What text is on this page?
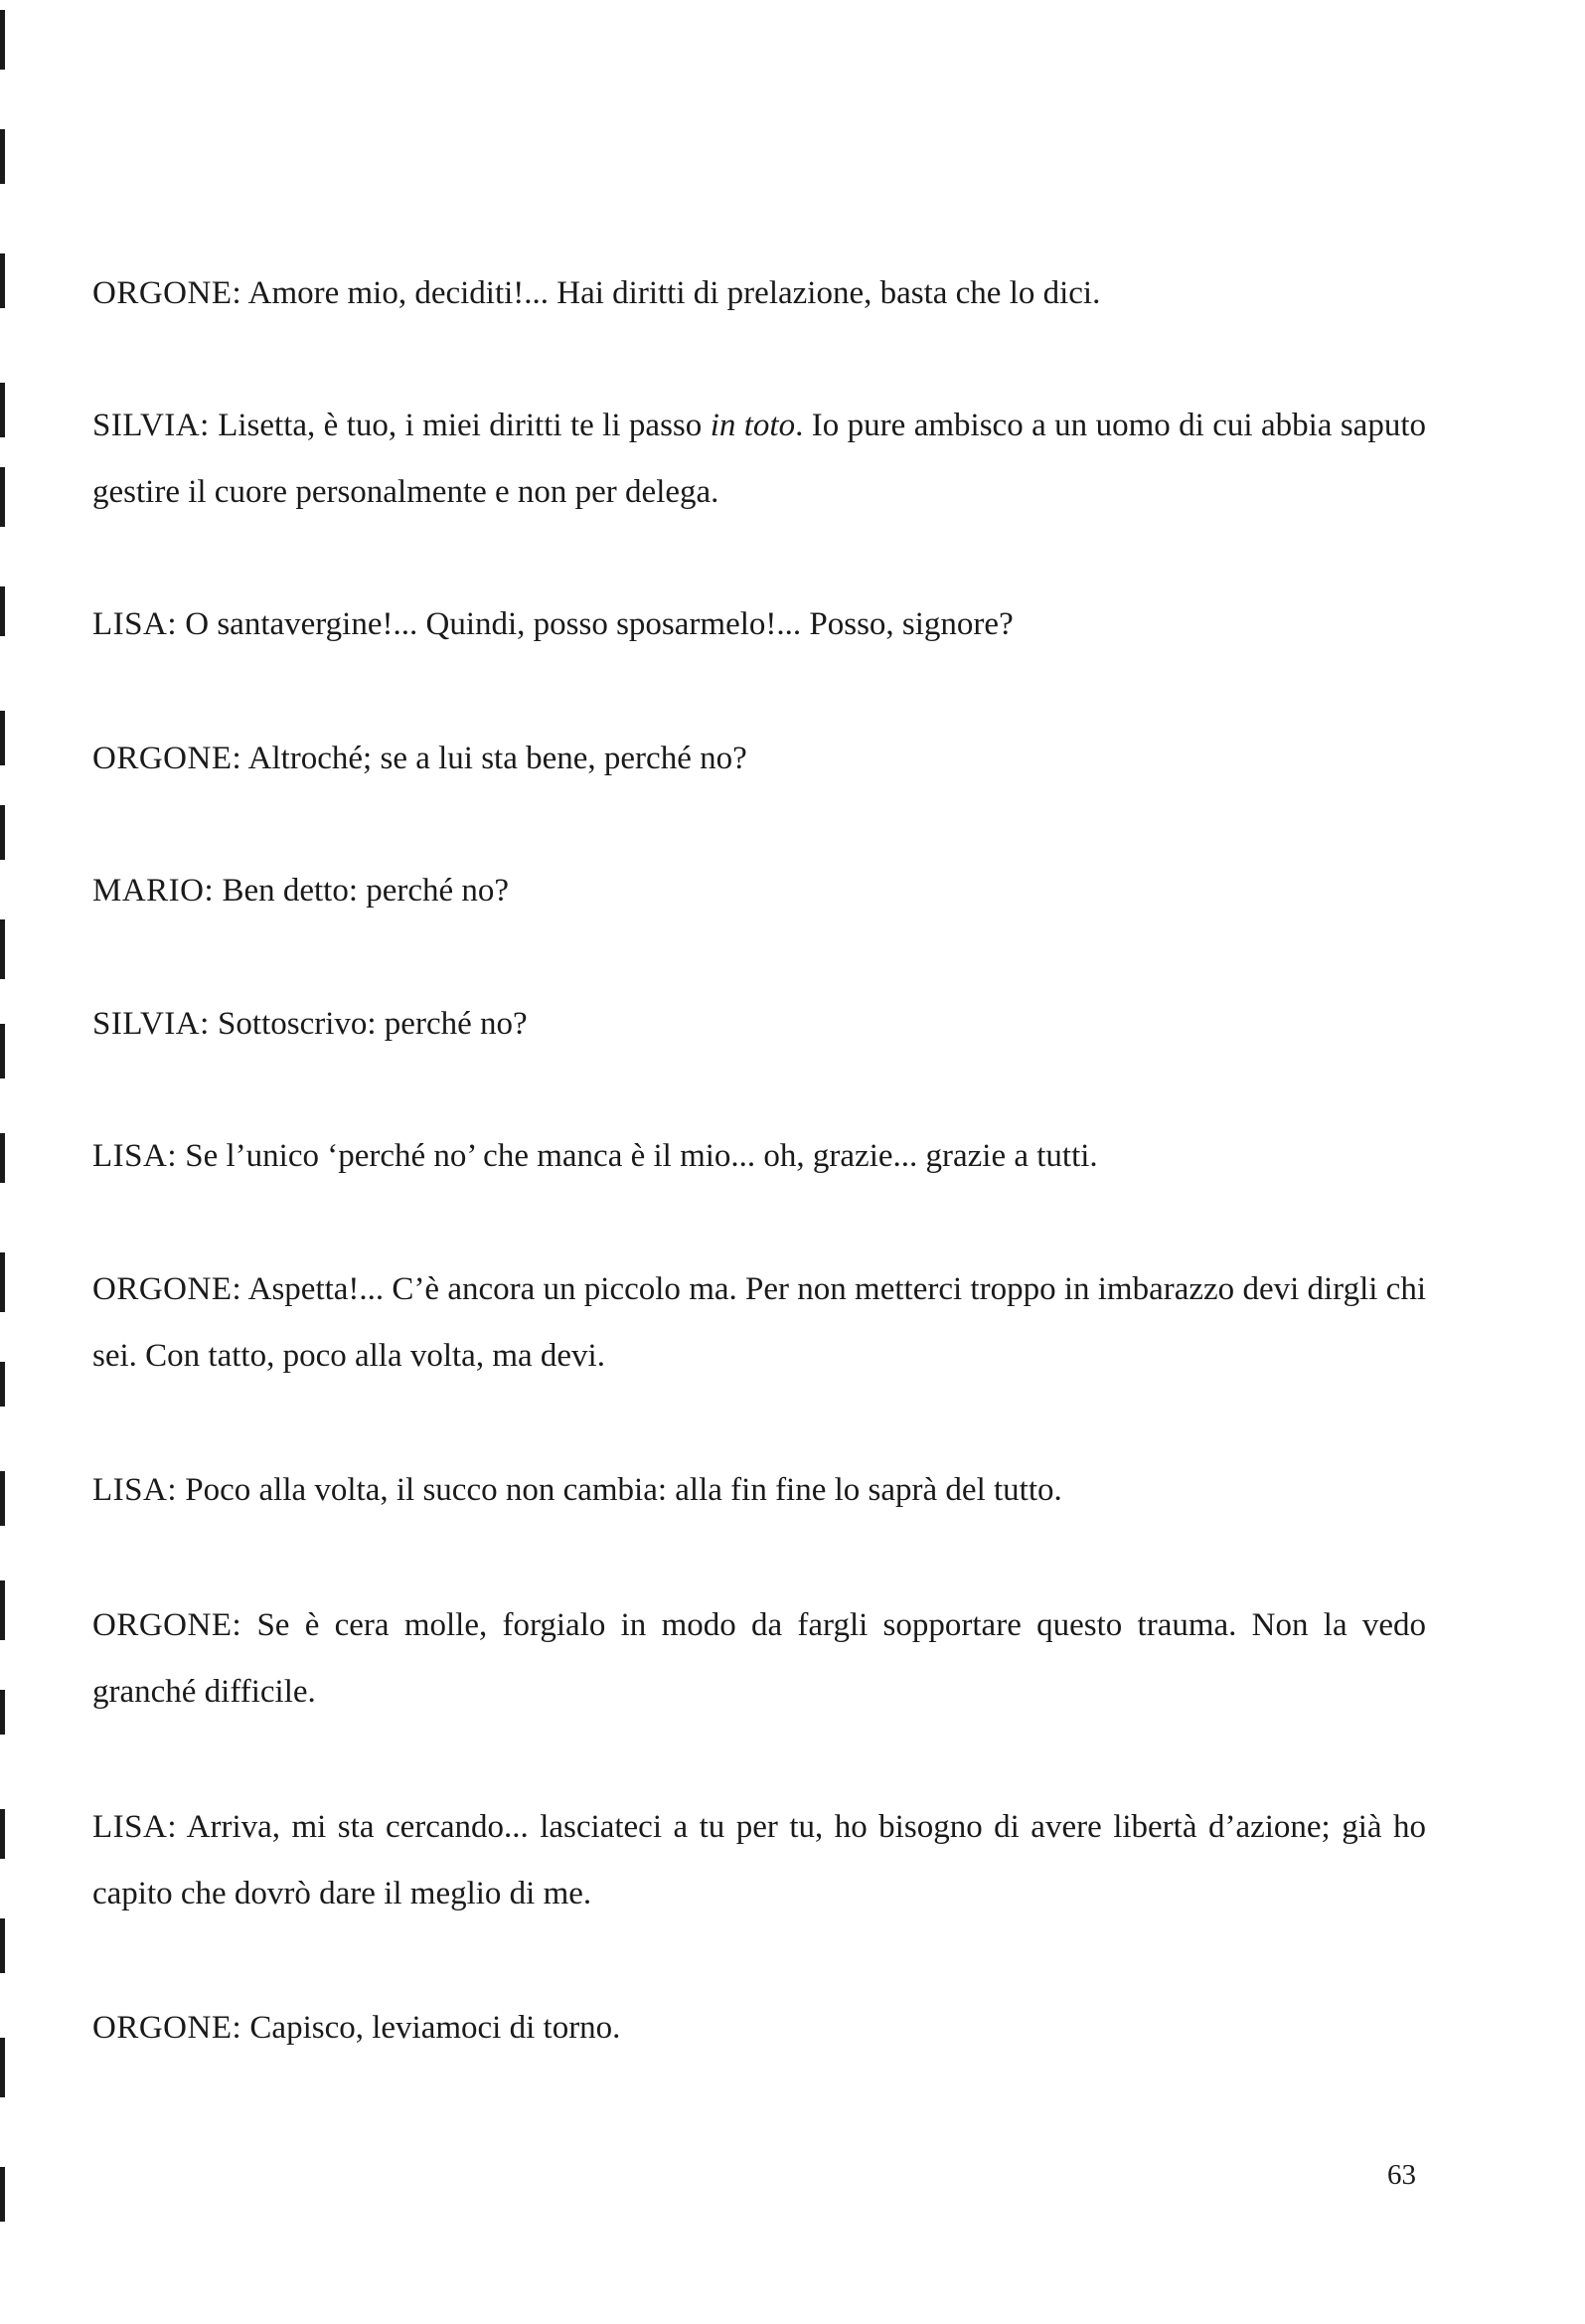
ORGONE: Amore mio, deciditi!... Hai diritti di prelazione, basta che lo dici.

SILVIA: Lisetta, è tuo, i miei diritti te li passo in toto. Io pure ambisco a un uomo di cui abbia saputo gestire il cuore personalmente e non per delega.

LISA: O santavergine!... Quindi, posso sposarmelo!... Posso, signore?

ORGONE: Altroché; se a lui sta bene, perché no?

MARIO: Ben detto: perché no?

SILVIA: Sottoscrivo: perché no?

LISA: Se l’unico ‘perché no’ che manca è il mio... oh, grazie... grazie a tutti.

ORGONE: Aspetta!... C’è ancora un piccolo ma. Per non metterci troppo in imbarazzo devi dirgli chi sei. Con tatto, poco alla volta, ma devi.

LISA: Poco alla volta, il succo non cambia: alla fin fine lo saprà del tutto.

ORGONE: Se è cera molle, forgialo in modo da fargli sopportare questo trauma. Non la vedo granché difficile.

LISA: Arriva, mi sta cercando... lasciateci a tu per tu, ho bisogno di avere libertà d’azione; già ho capito che dovrò dare il meglio di me.

ORGONE: Capisco, leviamoci di torno.

63
